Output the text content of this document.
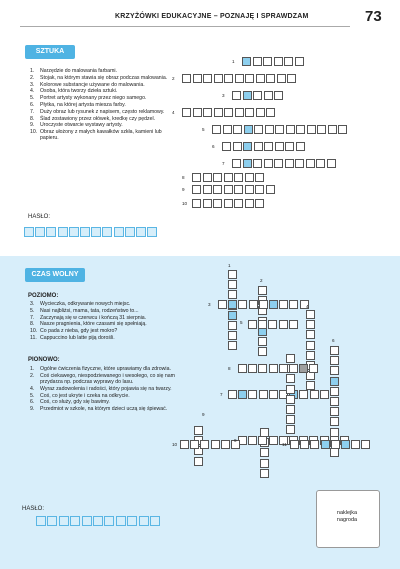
KRZYŻÓWKI EDUKACYJNE – POZNAJĘ I SPRAWDZAM	73
SZTUKA
1. Narzędzie do malowania farbami.
2. Stojak, na którym stawia się obraz podczas malowania.
3. Kolorowe substancje używane do malowania.
4. Osoba, która tworzy dzieła sztuki.
5. Portret artysty wykonany przez niego samego.
6. Płytka, na której artysta miesza farby.
7. Duży obraz lub rysunek z napisem, często reklamowy.
8. Ślad zostawiony przez ołówek, kredkę czy pędzel.
9. Uroczyste otwarcie wystawy artysty.
10. Obraz ułożony z małych kawałków szkła, kamieni lub papieru.
HASŁO:
1
2
3
4
5
6
7
8
9
10
CZAS WOLNY
POZIOMO:
3. Wycieczka, odkrywanie nowych miejsc.
5. Nasi najbliżsi, mama, tata, rodzeństwo to...
7. Zaczynają się w czerwcu i kończą 31 sierpnia.
8. Nasze pragnienia, które czasami się spełniają.
10. Co pada z nieba, gdy jest mokro?
11. Cappuccino lub latte piją dorośli.
PIONOWO:
1. Ogólne ćwiczenia fizyczne, które uprawiamy dla zdrowia.
2. Coś ciekawego, niespodziewanego i wesołego, co się nam przydarza np. podczas wyprawy do lasu.
4. Wyraz zadowolenia i radości, który pojawia się na twarzy.
5. Coś, co jest ukryte i czeka na odkrycie.
6. Coś, co służy, gdy się bawimy.
9. Przedmiot w szkole, na którym dzieci uczą się śpiewać.
HASŁO:
1
2
3	4
5
6
7
8
9
9
10	11
naklejka
nagroda
